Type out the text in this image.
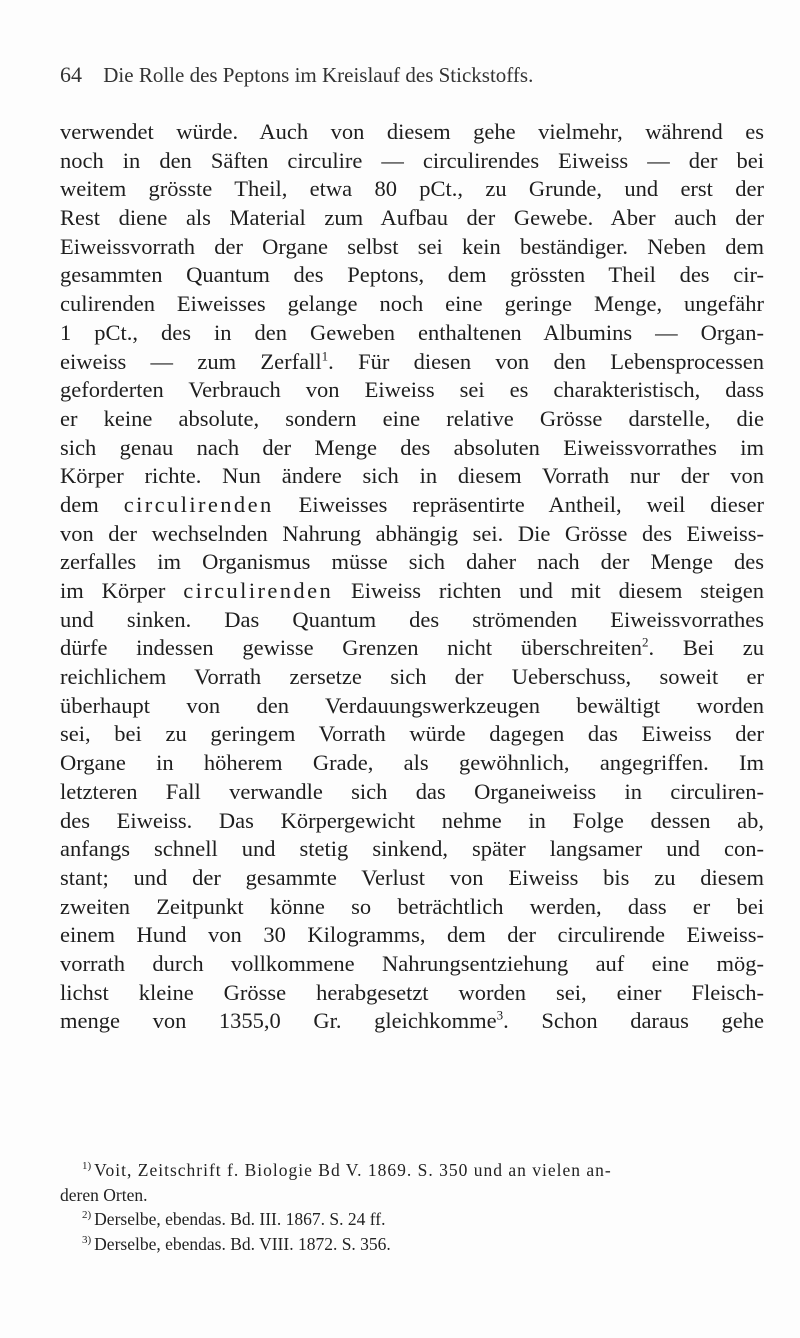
64 Die Rolle des Peptons im Kreislauf des Stickstoffs.
verwendet würde. Auch von diesem gehe vielmehr, während es
noch in den Säften circulire — circulirendes Eiweiss — der bei
weitem grösste Theil, etwa 80 pCt., zu Grunde, und erst der
Rest diene als Material zum Aufbau der Gewebe. Aber auch der
Eiweissvorrath der Organe selbst sei kein beständiger. Neben dem
gesammten Quantum des Peptons, dem grössten Theil des cir-
culirenden Eiweisses gelange noch eine geringe Menge, ungefähr
1 pCt., des in den Geweben enthaltenen Albumins — Organ-
eiweiss — zum Zerfall$^1$. Für diesen von den Lebensprocessen
geforderten Verbrauch von Eiweiss sei es charakteristisch, dass
er keine absolute, sondern eine relative Grösse darstelle, die
sich genau nach der Menge des absoluten Eiweissvorrathes im
Körper richte. Nun ändere sich in diesem Vorrath nur der von
dem circulirenden Eiweisses repräsentirte Antheil, weil dieser
von der wechselnden Nahrung abhängig sei. Die Grösse des Eiweiss-
zerfalles im Organismus müsse sich daher nach der Menge des
im Körper circulirenden Eiweiss richten und mit diesem steigen
und sinken. Das Quantum des strömenden Eiweissvorrathes
dürfe indessen gewisse Grenzen nicht überschreiten$^2$. Bei zu
reichlichem Vorrath zersetze sich der Ueberschuss, soweit er
überhaupt von den Verdauungswerkzeugen bewältigt worden
sei, bei zu geringem Vorrath würde dagegen das Eiweiss der
Organe in höherem Grade, als gewöhnlich, angegriffen. Im
letzteren Fall verwandle sich das Organeiweiss in circuliren-
des Eiweiss. Das Körpergewicht nehme in Folge dessen ab,
anfangs schnell und stetig sinkend, später langsamer und con-
stant; und der gesammte Verlust von Eiweiss bis zu diesem
zweiten Zeitpunkt könne so beträchtlich werden, dass er bei
einem Hund von 30 Kilogramms, dem der circulirende Eiweiss-
vorrath durch vollkommene Nahrungsentziehung auf eine mög-
lichst kleine Grösse herabgesetzt worden sei, einer Fleisch-
menge von 1355,0 Gr. gleichkomme$^3$. Schon daraus gehe
$^{1)}$ Voit, Zeitschrift f. Biologie Bd V. 1869. S. 350 und an vielen an-
deren Orten.
$^{2)}$ Derselbe, ebendas. Bd. III. 1867. S. 24 ff.
$^{3)}$ Derselbe, ebendas. Bd. VIII. 1872. S. 356.
